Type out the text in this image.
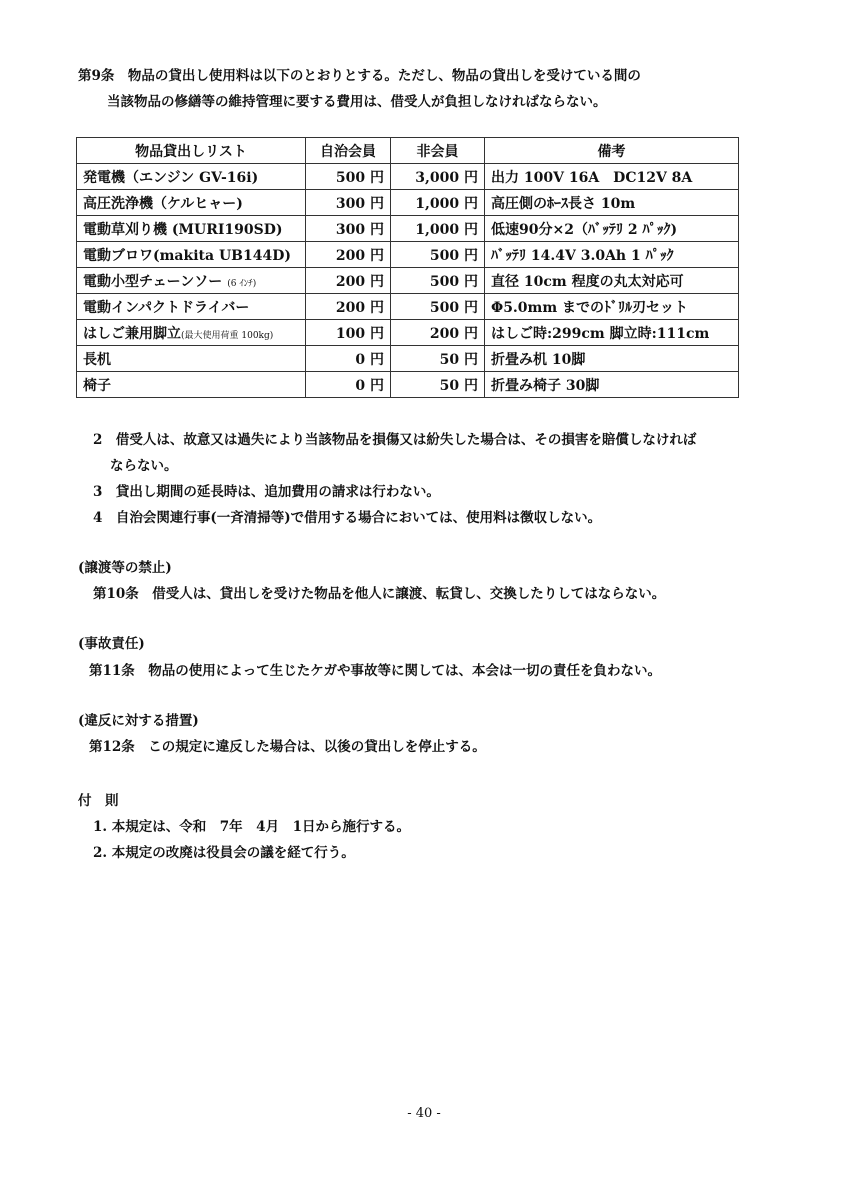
第9条　物品の貸出し使用料は以下のとおりとする。ただし、物品の貸出しを受けている間の
当該物品の修繕等の維持管理に要する費用は、借受人が負担しなければならない。
物品貸出しリスト	自治会員	非会員	備考
発電機（エンジン GV-16i)	500 円	3,000 円	出力 100V 16A　DC12V 8A
高圧洗浄機（ケルヒャー)	300 円	1,000 円	高圧側のﾎｰｽ長さ 10m
電動草刈り機 (MURI190SD)	300 円	1,000 円	低速90分×2（ﾊﾞｯﾃﾘ 2 ﾊﾟｯｸ)
電動ブロワ(makita UB144D)	200 円	500 円	ﾊﾞｯﾃﾘ 14.4V 3.0Ah 1 ﾊﾟｯｸ
電動小型チェーンソー (6 ｲﾝﾁ)	200 円	500 円	直径 10cm 程度の丸太対応可
電動インパクトドライバー	200 円	500 円	Φ5.0mm までのﾄﾞﾘﾙ刃セット
はしご兼用脚立(最大使用荷重 100kg)	100 円	200 円	はしご時:299cm 脚立時:111cm
長机	0 円	50 円	折畳み机 10脚
椅子	0 円	50 円	折畳み椅子 30脚
2　借受人は、故意又は過失により当該物品を損傷又は紛失した場合は、その損害を賠償しなければ
ならない。
3　貸出し期間の延長時は、追加費用の請求は行わない。
4　自治会関連行事(一斉清掃等)で借用する場合においては、使用料は徴収しない。
(譲渡等の禁止)
第10条　借受人は、貸出しを受けた物品を他人に譲渡、転貸し、交換したりしてはならない。
(事故責任)
第11条　物品の使用によって生じたケガや事故等に関しては、本会は一切の責任を負わない。
(違反に対する措置)
第12条　この規定に違反した場合は、以後の貸出しを停止する。
付　則
1. 本規定は、令和　7年　4月　1日から施行する。
2. 本規定の改廃は役員会の議を経て行う。
- 40 -
